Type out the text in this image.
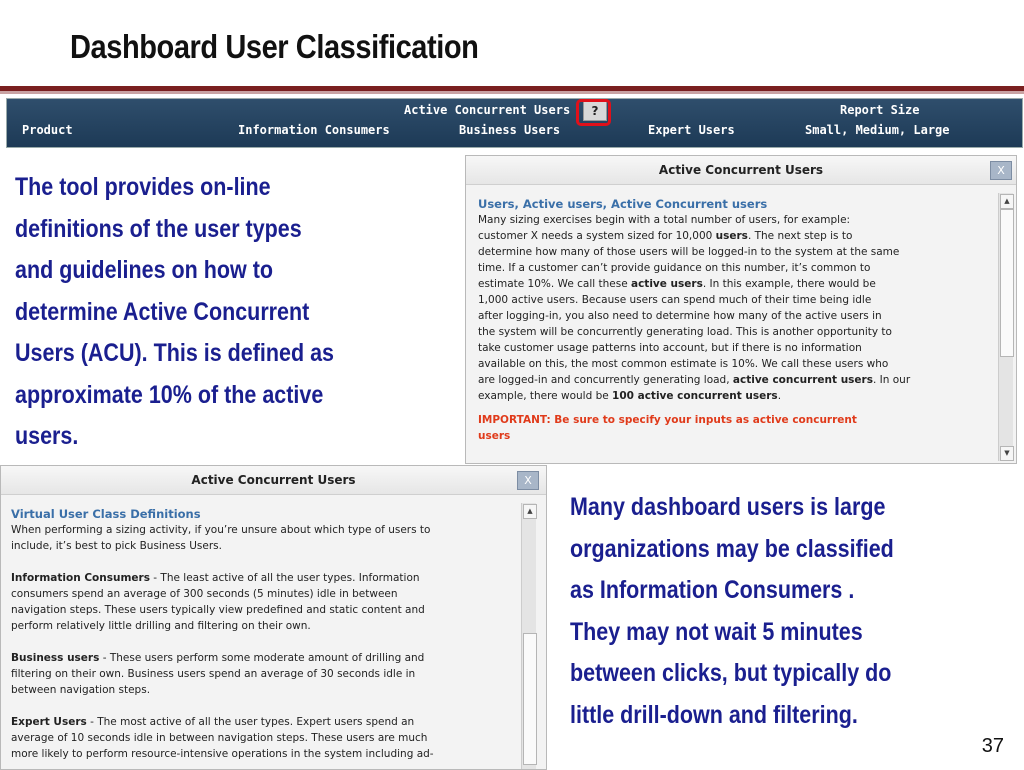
Dashboard User Classification
Active Concurrent Users	?	Report Size
Product	Information Consumers	Business Users	Expert Users	Small, Medium, Large
The tool provides on-line
definitions of the user types
and guidelines on how to
determine Active Concurrent
Users (ACU). This is defined as
approximate 10% of the active
users.
Active Concurrent Users	X

Users, Active users, Active Concurrent users

Many sizing exercises begin with a total number of users, for example:

customer X needs a system sized for 10,000 users. The next step is to

determine how many of those users will be logged-in to the system at the same

time. If a customer can’t provide guidance on this number, it’s common to

estimate 10%. We call these active users. In this example, there would be

1,000 active users. Because users can spend much of their time being idle

after logging-in, you also need to determine how many of the active users in

the system will be concurrently generating load. This is another opportunity to

take customer usage patterns into account, but if there is no information

available on this, the most common estimate is 10%. We call these users who

are logged-in and concurrently generating load, active concurrent users. In our

example, there would be 100 active concurrent users.

IMPORTANT: Be sure to specify your inputs as active concurrent

users

▲
▼
Active Concurrent Users	X

Virtual User Class Definitions

When performing a sizing activity, if you’re unsure about which type of users to

include, it’s best to pick Business Users.

Information Consumers - The least active of all the user types. Information

consumers spend an average of 300 seconds (5 minutes) idle in between

navigation steps. These users typically view predefined and static content and

perform relatively little drilling and filtering on their own.

Business users - These users perform some moderate amount of drilling and

filtering on their own. Business users spend an average of 30 seconds idle in

between navigation steps.

Expert Users - The most active of all the user types. Expert users spend an

average of 10 seconds idle in between navigation steps. These users are much

more likely to perform resource-intensive operations in the system including ad-

▲ Many dashboard users is large
organizations may be classified
as Information Consumers .
They may not wait 5 minutes
between clicks, but typically do
little drill-down and filtering.
37
